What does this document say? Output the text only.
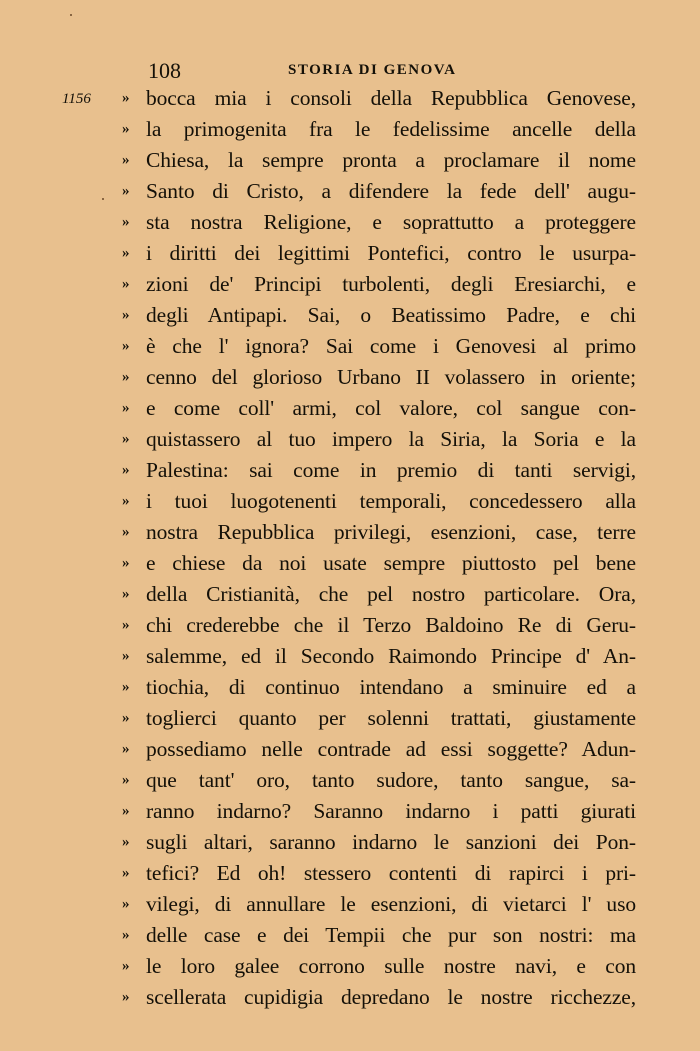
108	STORIA DI GENOVA
1156 » bocca mia i consoli della Repubblica Genovese,
» la primogenita fra le fedelissime ancelle della
» Chiesa, la sempre pronta a proclamare il nome
» Santo di Cristo, a difendere la fede dell' augu-
» sta nostra Religione, e soprattutto a proteggere
» i diritti dei legittimi Pontefici, contro le usurpa-
» zioni de' Principi turbolenti, degli Eresiarchi, e
» degli Antipapi. Sai, o Beatissimo Padre, e chi
» è che l' ignora? Sai come i Genovesi al primo
» cenno del glorioso Urbano II volassero in oriente;
» e come coll' armi, col valore, col sangue con-
» quistassero al tuo impero la Siria, la Soria e la
» Palestina: sai come in premio di tanti servigi,
» i tuoi luogotenenti temporali, concedessero alla
» nostra Repubblica privilegi, esenzioni, case, terre
» e chiese da noi usate sempre piuttosto pel bene
» della Cristianità, che pel nostro particolare. Ora,
» chi crederebbe che il Terzo Baldoino Re di Geru-
» salemme, ed il Secondo Raimondo Principe d' An-
» tiochia, di continuo intendano a sminuire ed a
» toglierci quanto per solenni trattati, giustamente
» possediamo nelle contrade ad essi soggette? Adun-
» que tant' oro, tanto sudore, tanto sangue, sa-
» ranno indarno? Saranno indarno i patti giurati
» sugli altari, saranno indarno le sanzioni dei Pon-
» tefici? Ed oh! stessero contenti di rapirci i pri-
» vilegi, di annullare le esenzioni, di vietarci l' uso
» delle case e dei Tempii che pur son nostri: ma
» le loro galee corrono sulle nostre navi, e con
» scellerata cupidigia depredano le nostre ricchezze,
